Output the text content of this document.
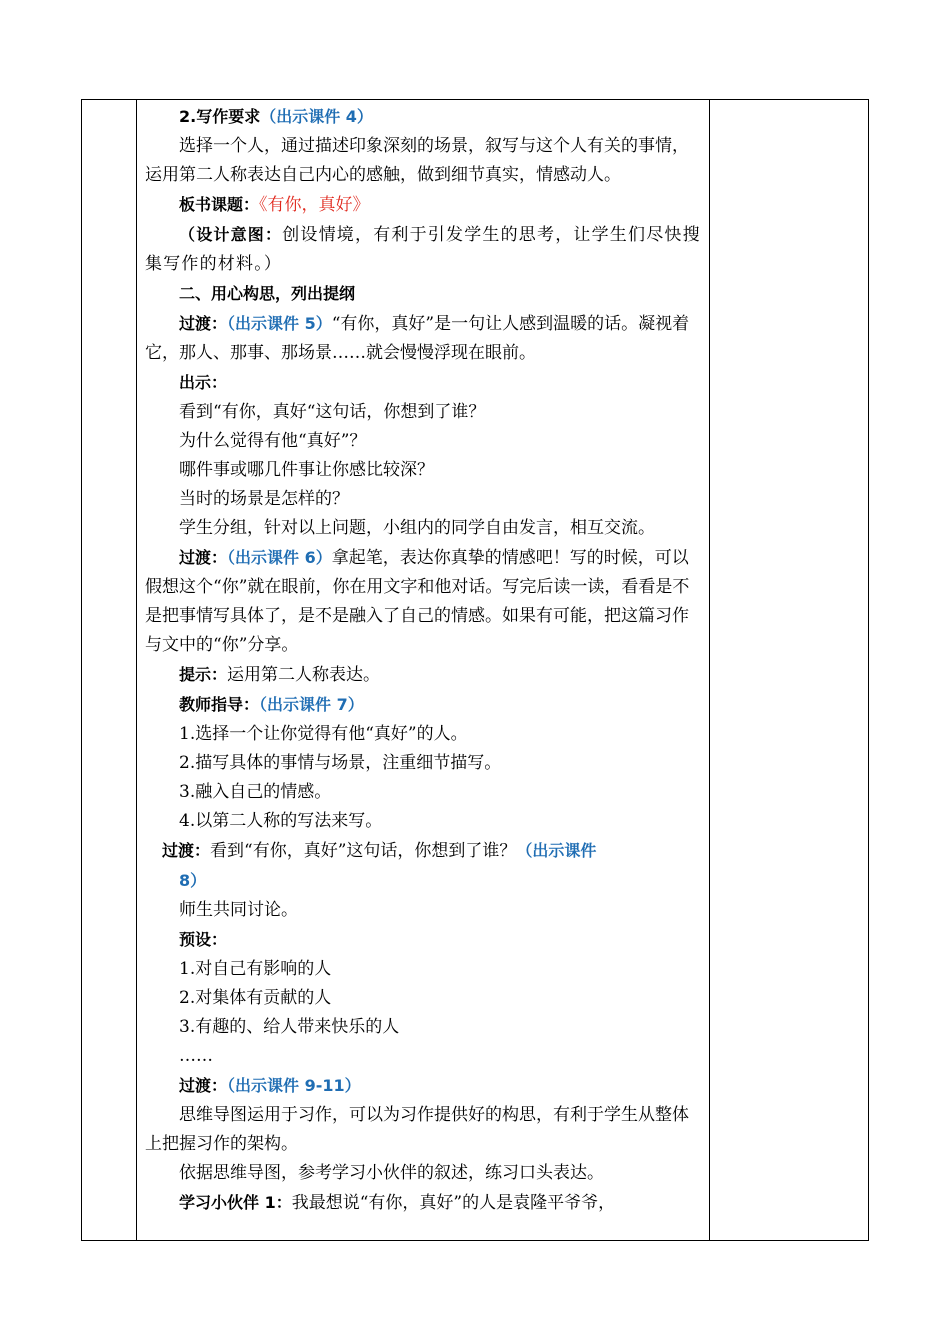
2.写作要求（出示课件 4）

选择一个人，通过描述印象深刻的场景，叙写与这个人有关的事情，运用第二人称表达自己内心的感触，做到细节真实，情感动人。

板书课题：《有你，真好》

（设计意图：创设情境，有利于引发学生的思考，让学生们尽快搜集写作的材料。）

二、用心构思，列出提纲

过渡：（出示课件 5）“有你，真好”是一句让人感到温暖的话。凝视着它，那人、那事、那场景……就会慢慢浮现在眼前。

出示：

看到“有你，真好“这句话，你想到了谁？

为什么觉得有他“真好”？

哪件事或哪几件事让你感比较深？

当时的场景是怎样的？

学生分组，针对以上问题，小组内的同学自由发言，相互交流。

过渡：（出示课件 6）拿起笔，表达你真挚的情感吧！写的时候，可以假想这个“你”就在眼前，你在用文字和他对话。写完后读一读，看看是不是把事情写具体了，是不是融入了自己的情感。如果有可能，把这篇习作与文中的“你”分享。

提示：运用第二人称表达。

教师指导：（出示课件 7）

1.选择一个让你觉得有他“真好”的人。

2.描写具体的事情与场景，注重细节描写。

3.融入自己的情感。

4.以第二人称的写法来写。

过渡：看到“有你，真好”这句话，你想到了谁？（出示课件
8）

师生共同讨论。

预设：

1.对自己有影响的人

2.对集体有贡献的人

3.有趣的、给人带来快乐的人

……

过渡：（出示课件 9-11）

思维导图运用于习作，可以为习作提供好的构思，有利于学生从整体上把握习作的架构。

依据思维导图，参考学习小伙伴的叙述，练习口头表达。

学习小伙伴 1：我最想说“有你，真好”的人是袁隆平爷爷，
